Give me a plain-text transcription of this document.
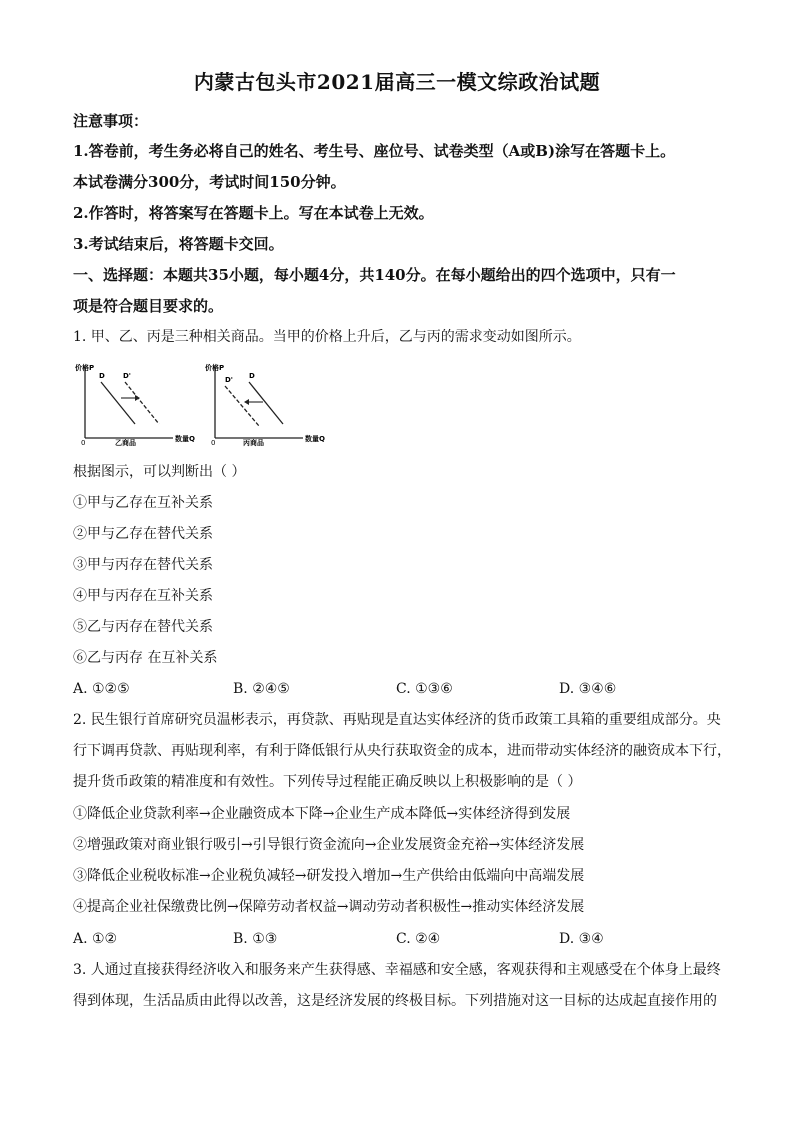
内蒙古包头市2021届高三一模文综政治试题
注意事项：
1.答卷前，考生务必将自己的姓名、考生号、座位号、试卷类型（A或B)涂写在答题卡上。
本试卷满分300分，考试时间150分钟。
2.作答时，将答案写在答题卡上。写在本试卷上无效。
3.考试结束后，将答题卡交回。
一、选择题：本题共35小题，每小题4分，共140分。在每小题给出的四个选项中，只有一
项是符合题目要求的。
1. 甲、乙、丙是三种相关商品。当甲的价格上升后，乙与丙的需求变动如图所示。
价格P
数量Q
0	乙商品
D	D'
价格P
数量Q
0	丙商品
D' D
根据图示，可以判断出（ ）
①甲与乙存在互补关系
②甲与乙存在替代关系
③甲与丙存在替代关系
④甲与丙存在互补关系
⑤乙与丙存在替代关系
⑥乙与丙存 在互补关系
A. ①②⑤	B. ②④⑤	C. ①③⑥	D. ③④⑥
2. 民生银行首席研究员温彬表示，再贷款、再贴现是直达实体经济的货币政策工具箱的重要组成部分。央
行下调再贷款、再贴现利率，有利于降低银行从央行获取资金的成本，进而带动实体经济的融资成本下行，
提升货币政策的精准度和有效性。下列传导过程能正确反映以上积极影响的是（ ）
①降低企业贷款利率→企业融资成本下降→企业生产成本降低→实体经济得到发展
②增强政策对商业银行吸引→引导银行资金流向→企业发展资金充裕→实体经济发展
③降低企业税收标准→企业税负减轻→研发投入增加→生产供给由低端向中高端发展
④提高企业社保缴费比例→保障劳动者权益→调动劳动者积极性→推动实体经济发展
A. ①②	B. ①③	C. ②④	D. ③④
3. 人通过直接获得经济收入和服务来产生获得感、幸福感和安全感，客观获得和主观感受在个体身上最终
得到体现，生活品质由此得以改善，这是经济发展的终极目标。下列措施对这一目标的达成起直接作用的
